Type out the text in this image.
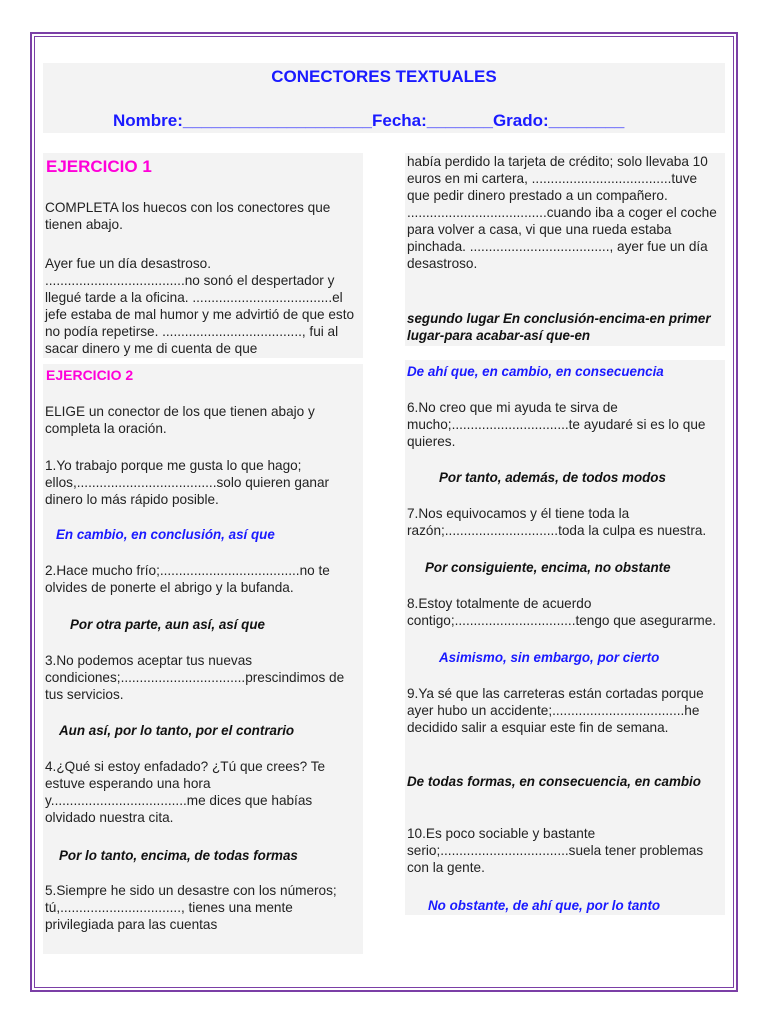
CONECTORES TEXTUALES
Nombre:____________________Fecha:_______Grado:________
EJERCICIO 1
COMPLETA los huecos con los conectores que tienen abajo.
Ayer fue un día desastroso. .....................................no sonó el despertador y llegué tarde a la oficina. .....................................el jefe estaba de mal humor y me advirtió de que esto no podía repetirse. ....................................., fui al sacar dinero y me di cuenta de que
EJERCICIO 2
ELIGE un conector de los que tienen abajo y completa la oración.
1.Yo trabajo porque me gusta lo que hago; ellos,.....................................solo quieren ganar dinero lo más rápido posible.
En cambio, en conclusión, así que
2.Hace mucho frío;.....................................no te olvides de ponerte el abrigo y la bufanda.
Por otra parte, aun así, así que
3.No podemos aceptar tus nuevas condiciones;.................................prescindimos de tus servicios.
Aun así, por lo tanto, por el contrario
4.¿Qué si estoy enfadado? ¿Tú que crees? Te estuve esperando una hora y....................................me dices que habías olvidado nuestra cita.
Por lo tanto, encima, de todas formas
5.Siempre he sido un desastre con los números; tú,................................, tienes una mente privilegiada para las cuentas
había perdido la tarjeta de crédito; solo llevaba 10 euros en mi cartera, .....................................tuve que pedir dinero prestado a un compañero. .....................................cuando iba a coger el coche para volver a casa, vi que una rueda estaba pinchada. ....................................., ayer fue un día desastroso.
segundo lugar En conclusión-encima-en primer lugar-para acabar-así que-en
De ahí que, en cambio, en consecuencia
6.No creo que mi ayuda te sirva de mucho;...............................te ayudaré si es lo que quieres.
Por tanto, además, de todos modos
7.Nos equivocamos y él tiene toda la razón;..............................toda la culpa es nuestra.
Por consiguiente, encima, no obstante
8.Estoy totalmente de acuerdo contigo;................................tengo que asegurarme.
Asimismo, sin embargo, por cierto
9.Ya sé que las carreteras están cortadas porque ayer hubo un accidente;...................................he decidido salir a esquiar este fin de semana.
De todas formas, en consecuencia, en cambio
10.Es poco sociable y bastante serio;..................................suela tener problemas con la gente.
No obstante, de ahí que, por lo tanto
